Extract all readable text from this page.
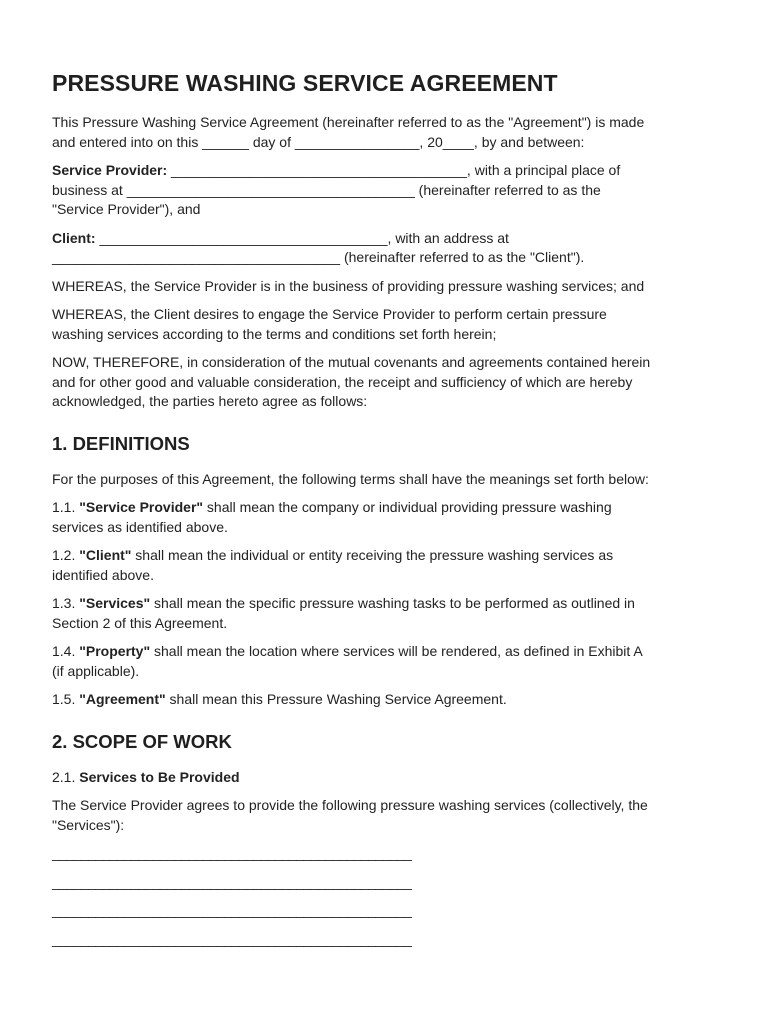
PRESSURE WASHING SERVICE AGREEMENT

This Pressure Washing Service Agreement (hereinafter referred to as the "Agreement") is made
and entered into on this ______ day of ________________, 20____, by and between:

Service Provider: ______________________________________, with a principal place of
business at _____________________________________ (hereinafter referred to as the
"Service Provider"), and

Client: _____________________________________, with an address at
_____________________________________ (hereinafter referred to as the "Client").

WHEREAS, the Service Provider is in the business of providing pressure washing services; and

WHEREAS, the Client desires to engage the Service Provider to perform certain pressure
washing services according to the terms and conditions set forth herein;

NOW, THEREFORE, in consideration of the mutual covenants and agreements contained herein
and for other good and valuable consideration, the receipt and sufficiency of which are hereby
acknowledged, the parties hereto agree as follows:

1. DEFINITIONS

For the purposes of this Agreement, the following terms shall have the meanings set forth below:

1.1. "Service Provider" shall mean the company or individual providing pressure washing
services as identified above.

1.2. "Client" shall mean the individual or entity receiving the pressure washing services as
identified above.

1.3. "Services" shall mean the specific pressure washing tasks to be performed as outlined in
Section 2 of this Agreement.

1.4. "Property" shall mean the location where services will be rendered, as defined in Exhibit A
(if applicable).

1.5. "Agreement" shall mean this Pressure Washing Service Agreement.

2. SCOPE OF WORK

2.1. Services to Be Provided

The Service Provider agrees to provide the following pressure washing services (collectively, the
"Services"):

__________________________________________________
__________________________________________________
__________________________________________________
__________________________________________________
